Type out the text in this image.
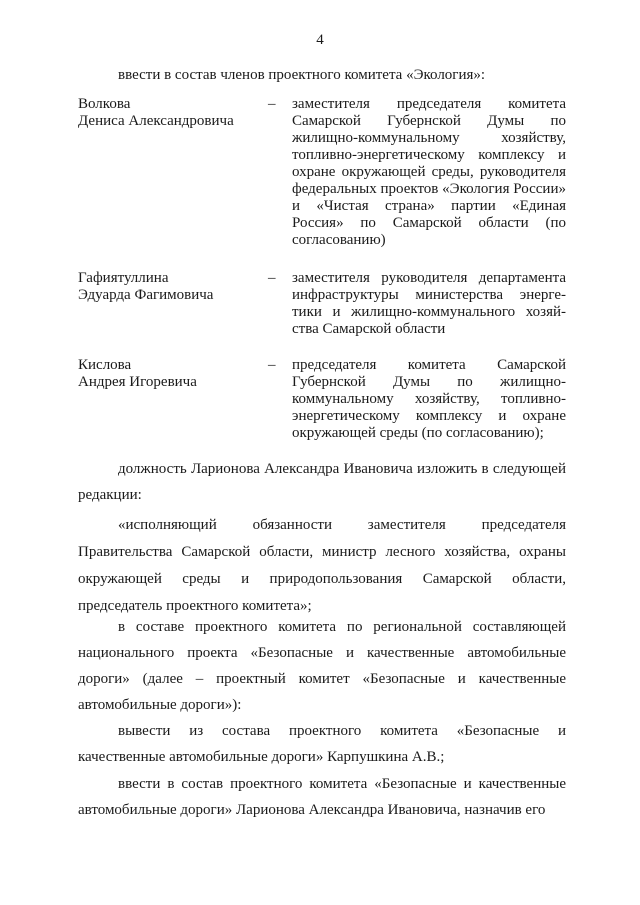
4

ввести в состав членов проектного комитета «Экология»:

Волкова
Дениса Александровича
– заместителя председателя комитета Самарской Губернской Думы по жилищно-коммунальному хозяйству, топливно-энергетическому комплексу и охране окружающей среды, руководителя федеральных проектов «Экология России» и «Чистая страна» партии «Единая Россия» по Самарской области (по согласованию)
Гафиятуллина
Эдуарда Фагимовича
– заместителя руководителя департамента инфраструктуры министерства энерге-тики и жилищно-коммунального хозяй-ства Самарской области
Кислова
Андрея Игоревича
– председателя комитета Самарской Губернской Думы по жилищно-коммунальному хозяйству, топливно-энергетическому комплексу и охране окружающей среды (по согласованию);
должность Ларионова Александра Ивановича изложить в следующей редакции:
«исполняющий обязанности заместителя председателя Правительства Самарской области, министр лесного хозяйства, охраны окружающей среды и природопользования Самарской области, председатель проектного комитета»;
в составе проектного комитета по региональной составляющей национального проекта «Безопасные и качественные автомобильные дороги» (далее – проектный комитет «Безопасные и качественные автомобильные дороги»):
вывести из состава проектного комитета «Безопасные и качественные автомобильные дороги» Карпушкина А.В.;
ввести в состав проектного комитета «Безопасные и качественные автомобильные дороги» Ларионова Александра Ивановича, назначив его
